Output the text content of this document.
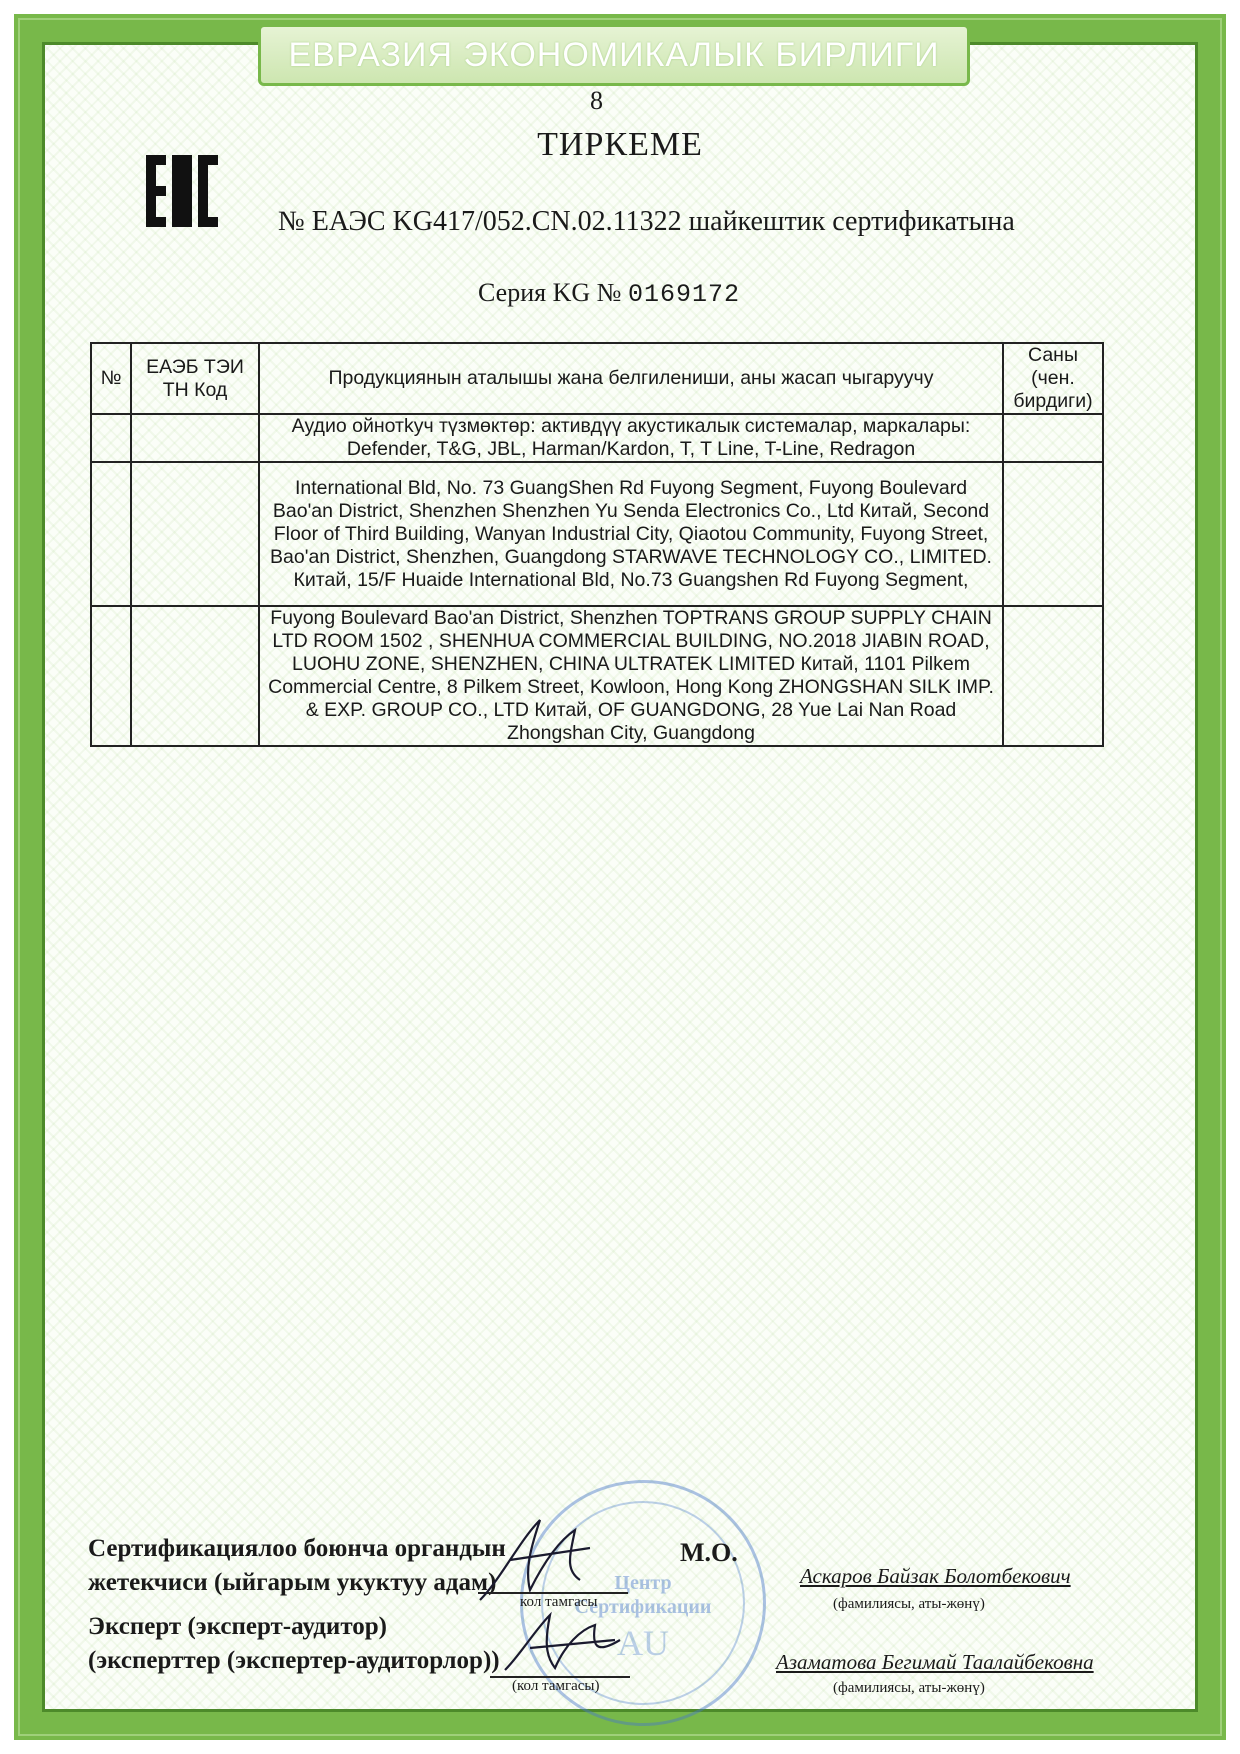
ЕВРАЗИЯ ЭКОНОМИКАЛЫК БИРЛИГИ
8
ТИРКЕМЕ
№ ЕАЭС KG417/052.CN.02.11322 шайкештик сертификатына
Серия KG № 0169172
№	ЕАЭБ ТЭИ ТН Код	Продукциянын аталышы жана белгилениши, аны жасап чыгаруучу	Саны (чен. бирдиги)
		Аудио ойнотkуч түзмөктөр: активдүү акустикалык системалар, маркалары: Defender, T&G, JBL, Harman/Kardon, T, T Line, T-Line, Redragon	
		International Bld, No. 73 GuangShen Rd Fuyong Segment, Fuyong Boulevard Bao'an District, Shenzhen Shenzhen Yu Senda Electronics Co., Ltd Китай, Second Floor of Third Building, Wanyan Industrial City, Qiaotou Community, Fuyong Street, Bao'an District, Shenzhen, Guangdong STARWAVE TECHNOLOGY CO., LIMITED. Китай, 15/F Huaide International Bld, No.73 Guangshen Rd Fuyong Segment,	
		Fuyong Boulevard Bao'an District, Shenzhen TOPTRANS GROUP SUPPLY CHAIN LTD ROOM 1502 , SHENHUA COMMERCIAL BUILDING, NO.2018 JIABIN ROAD, LUOHU ZONE, SHENZHEN, CHINA ULTRATEK LIMITED Китай, 1101 Pilkem Commercial Centre, 8 Pilkem Street, Kowloon, Hong Kong ZHONGSHAN SILK IMP. & EXP. GROUP CO., LTD Китай, OF GUANGDONG, 28 Yue Lai Nan Road Zhongshan City, Guangdong	
Центр
Сертификации
AU
Сертификациялоо боюнча органдын
жетекчиси (ыйгарым укуктуу адам)
М.О.
кол тамгасы
Аскаров Байзак Болотбекович
(фамилиясы, аты-жөнү)
Эксперт (эксперт-аудитор)
(эксперттер (экспертер-аудиторлор))
(кол тамгасы)
Азаматова Бегимай Таалайбековна
(фамилиясы, аты-жөнү)
